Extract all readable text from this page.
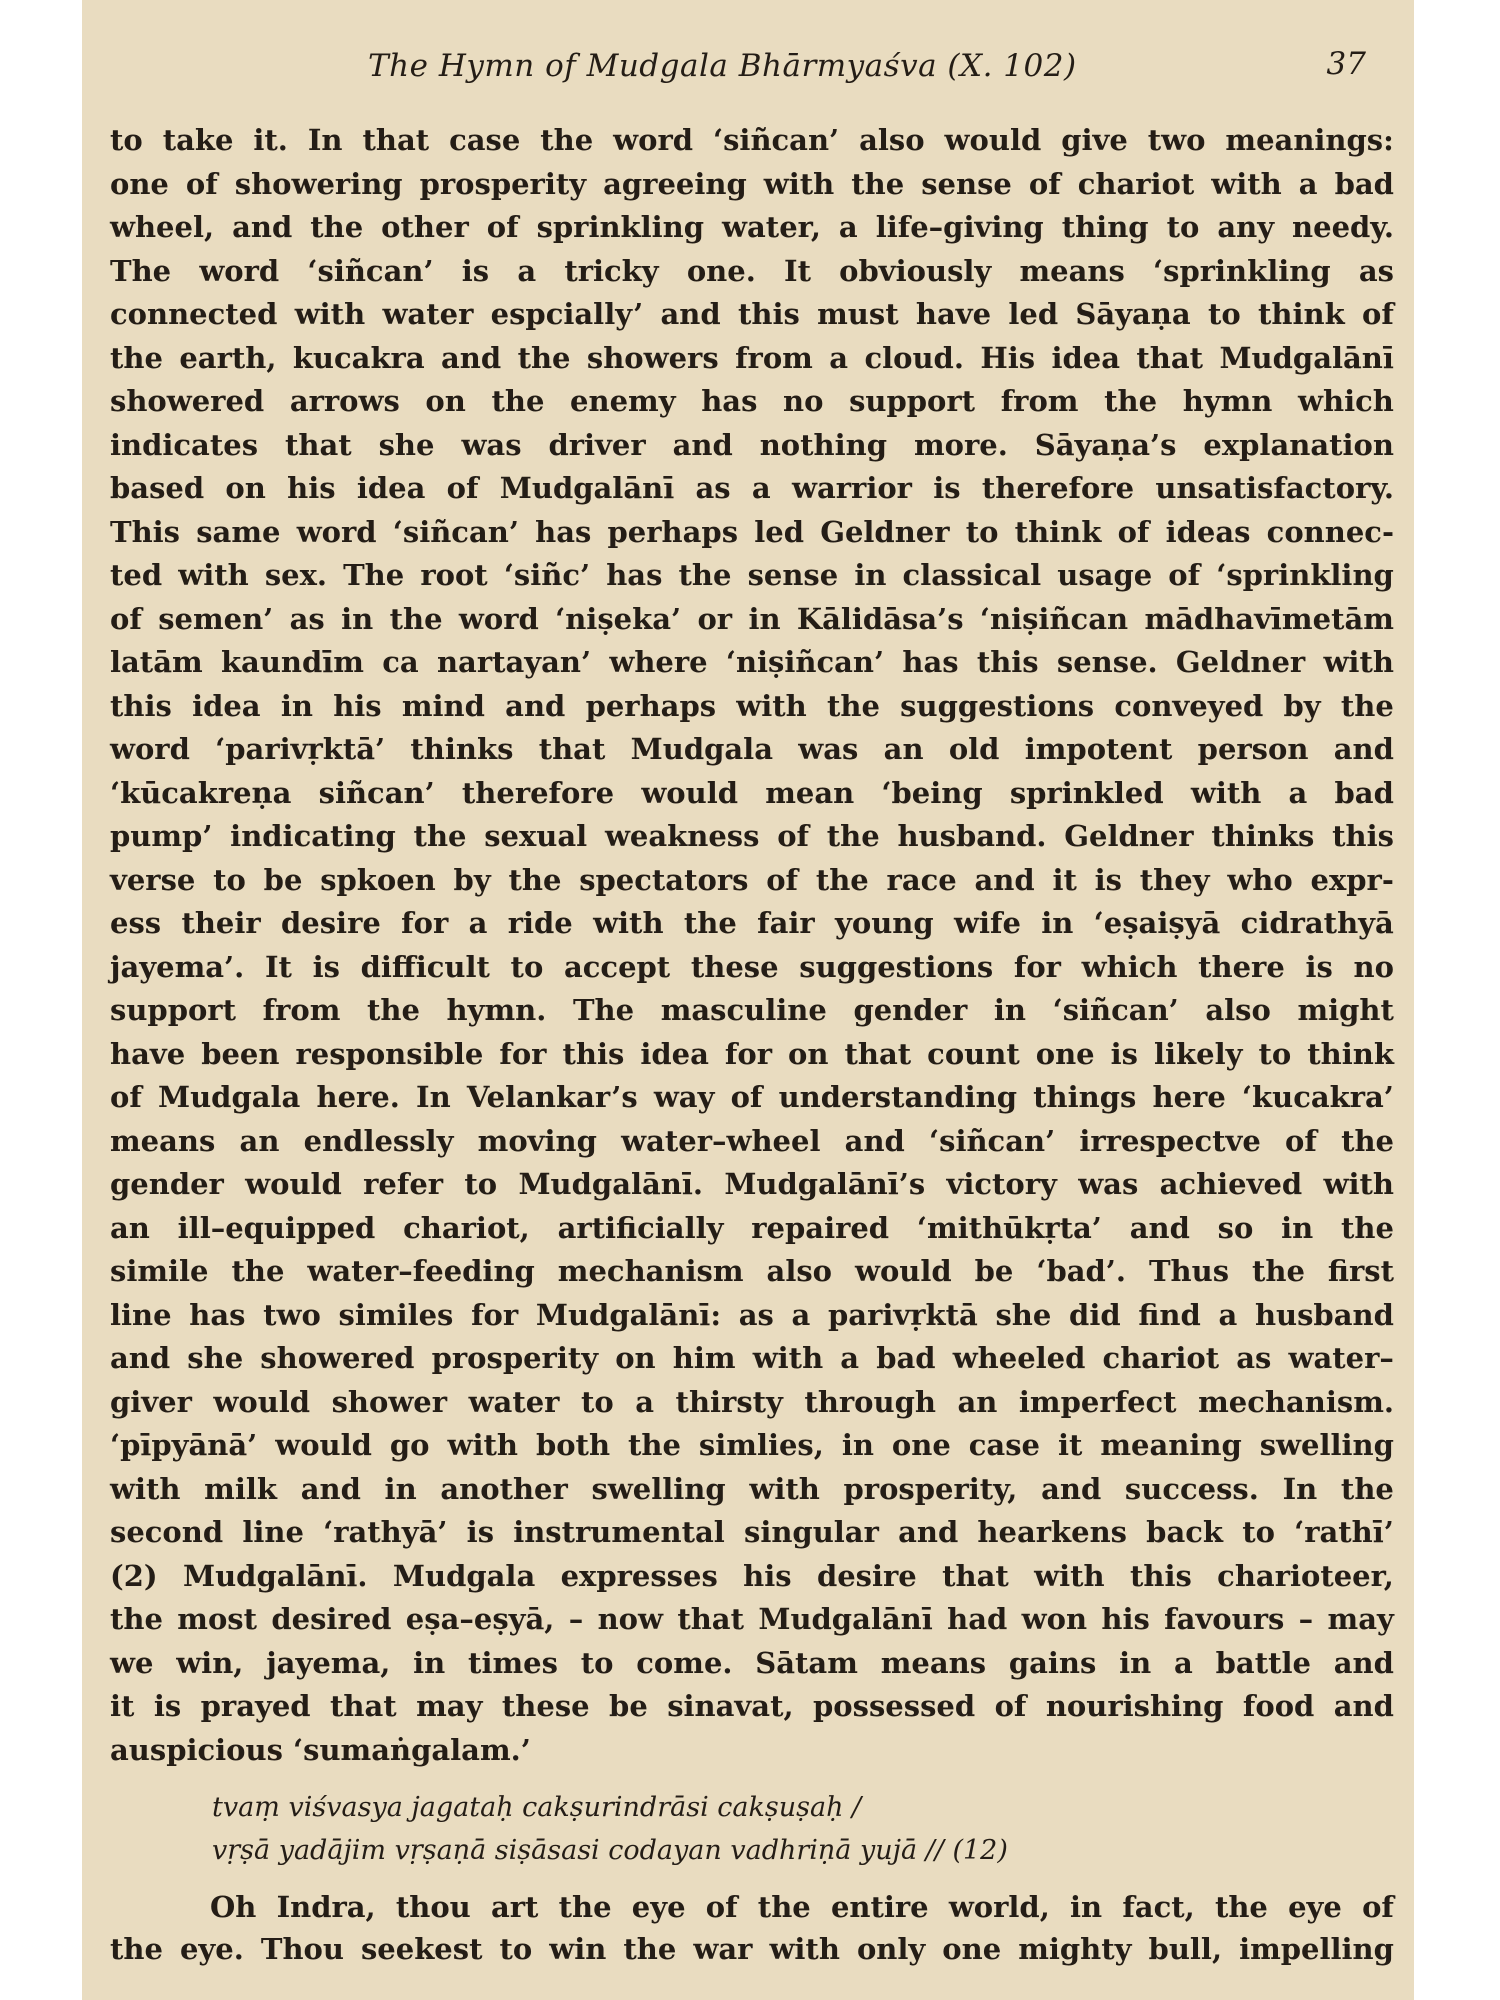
The Hymn of Mudgala Bhārmyaśva (X. 102)	37
to take it. In that case the word ‘siñcan’ also would give two meanings:
one of showering prosperity agreeing with the sense of chariot with a bad
wheel, and the other of sprinkling water, a life–giving thing to any needy.
The word ‘siñcan’ is a tricky one. It obviously means ‘sprinkling as
connected with water espcially’ and this must have led Sāyaṇa to think of
the earth, kucakra and the showers from a cloud. His idea that Mudgalānī
showered arrows on the enemy has no support from the hymn which
indicates that she was driver and nothing more. Sāyaṇa’s explanation
based on his idea of Mudgalānī as a warrior is therefore unsatisfactory.
This same word ‘siñcan’ has perhaps led Geldner to think of ideas connec-
ted with sex. The root ‘siñc’ has the sense in classical usage of ‘sprinkling
of semen’ as in the word ‘niṣeka’ or in Kālidāsa’s ‘niṣiñcan mādhavīmetām
latām kaundīm ca nartayan’ where ‘niṣiñcan’ has this sense. Geldner with
this idea in his mind and perhaps with the suggestions conveyed by the
word ‘parivṛktā’ thinks that Mudgala was an old impotent person and
‘kūcakreṇa siñcan’ therefore would mean ‘being sprinkled with a bad
pump’ indicating the sexual weakness of the husband. Geldner thinks this
verse to be spkoen by the spectators of the race and it is they who expr-
ess their desire for a ride with the fair young wife in ‘eṣaiṣyā cidrathyā
jayema’. It is difficult to accept these suggestions for which there is no
support from the hymn. The masculine gender in ‘siñcan’ also might
have been responsible for this idea for on that count one is likely to think
of Mudgala here. In Velankar’s way of understanding things here ‘kucakra’
means an endlessly moving water–wheel and ‘siñcan’ irrespectve of the
gender would refer to Mudgalānī. Mudgalānī’s victory was achieved with
an ill–equipped chariot, artificially repaired ‘mithūkṛta’ and so in the
simile the water–feeding mechanism also would be ‘bad’. Thus the first
line has two similes for Mudgalānī: as a parivṛktā she did find a husband
and she showered prosperity on him with a bad wheeled chariot as water–
giver would shower water to a thirsty through an imperfect mechanism.
‘pīpyānā’ would go with both the simlies, in one case it meaning swelling
with milk and in another swelling with prosperity, and success. In the
second line ‘rathyā’ is instrumental singular and hearkens back to ‘rathī’
(2) Mudgalānī. Mudgala expresses his desire that with this charioteer,
the most desired eṣa–eṣyā, – now that Mudgalānī had won his favours – may
we win, jayema, in times to come. Sātam means gains in a battle and
it is prayed that may these be sinavat, possessed of nourishing food and
auspicious ‘sumaṅgalam.’
tvaṃ viśvasya jagataḥ cakṣurindrāsi cakṣuṣaḥ /
vṛṣā yadājim vṛṣaṇā siṣāsasi codayan vadhriṇā yujā // (12)
Oh Indra, thou art the eye of the entire world, in fact, the eye of
the eye. Thou seekest to win the war with only one mighty bull, impelling
